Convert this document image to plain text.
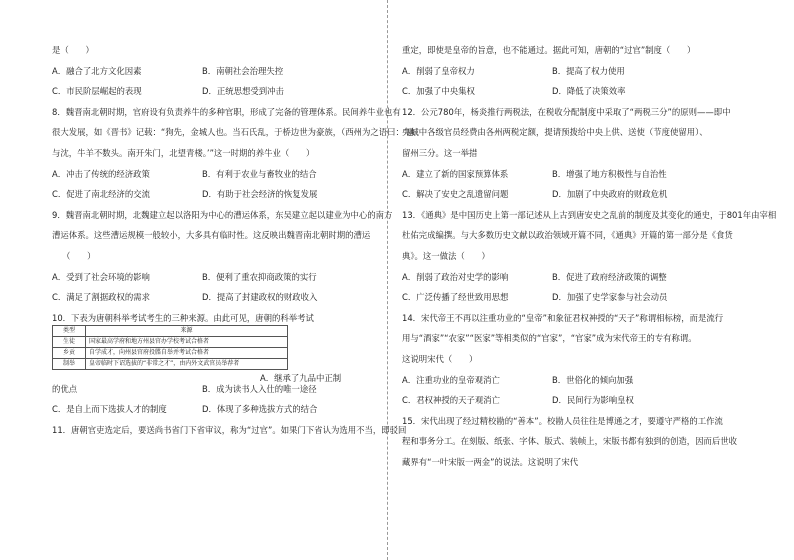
是（　　）
A．融合了北方文化因素	B．南朝社会治理失控
C．市民阶层崛起的表现	D．正统思想受到冲击
8．魏晋南北朝时期，官府设有负责养牛的多种官职，形成了完备的管理体系。民间养牛业也有
很大发展，如《晋书》记载：“狗先，金城人也。当石氏乱，于桥边世为豪族，（西州为之语曰：‘融
与沈，牛羊不数头。南开朱门，北望青楼。’”这一时期的养牛业（　　）
A．冲击了传统的经济政策	B．有利于农业与畜牧业的结合
C．促进了南北经济的交流	D．有助于社会经济的恢复发展
9．魏晋南北朝时期，北魏建立起以洛阳为中心的漕运体系，东吴建立起以建业为中心的南方
漕运体系。这些漕运规模一般较小，大多具有临时性。这反映出魏晋南北朝时期的漕运
（　　）
A．受到了社会环境的影响	B．便利了重农抑商政策的实行
C．满足了割据政权的需求	D．提高了封建政权的财政收入
10．下表为唐朝科举考试考生的三种来源。由此可见，唐朝的科举考试
类型	来源
生徒	国家最高学府和地方州县官办学校考试合格者
乡贡	自学成才，向州县官府投牒自举并考试合格者
制举	皇帝临时下诏选拔的“非常之才”，由内外文武官员举荐者
A．继承了九品中正制
的优点	B．成为读书人入仕的唯一途径
C．是自上而下选拔人才的制度	D．体现了多种选拔方式的结合
11．唐朝官吏选定后，要送尚书省门下省审议，称为“过官”。如果门下省认为选用不当，即驳回
重定，即使是皇帝的旨意，也不能通过。据此可知，唐朝的“过官”制度（　　）
A．削弱了皇帝权力	B．提高了权力使用
C．加强了中央集权	D．降低了决策效率
12．公元780年，杨炎推行两税法，在税收分配制度中采取了“两税三分”的原则——即中
央城中各级官员经费由各州两税定额，提请预拨给中央上供、送使（节度使留用）、
留州三分。这一举措
A．建立了新的国家预算体系	B．增强了地方积极性与自治性
C．解决了安史之乱遗留问题	D．加剧了中央政府的财政危机
13．《通典》是中国历史上第一部记述从上古到唐安史之乱前的制度及其变化的通史，于801年由宰相
杜佑完成编撰。与大多数历史文献以政治领域开篇不同，《通典》开篇的第一部分是《食货
典》。这一做法（　　）
A．削弱了政治对史学的影响	B．促进了政府经济政策的调整
C．广泛传播了经世致用思想	D．加强了史学家参与社会动员
14．宋代帝王不再以注重功业的“皇帝”和象征君权神授的“天子”称谓相标榜，而是流行
用与“酒家”“农家”“医家”等相类似的“官家”，“官家”成为宋代帝王的专有称谓。
这说明宋代（　　）
A．注重功业的皇帝观消亡	B．世俗化的倾向加强
C．君权神授的天子观消亡	D．民间行为影响皇权
15．宋代出现了经过精校勘的“善本”。校勘人员往往是博通之才，要遵守严格的工作流
程和事务分工。在刻版、纸张、字体、版式、装帧上，宋版书都有独到的创造，因而后世收
藏界有“一叶宋版一两金”的说法。这说明了宋代
